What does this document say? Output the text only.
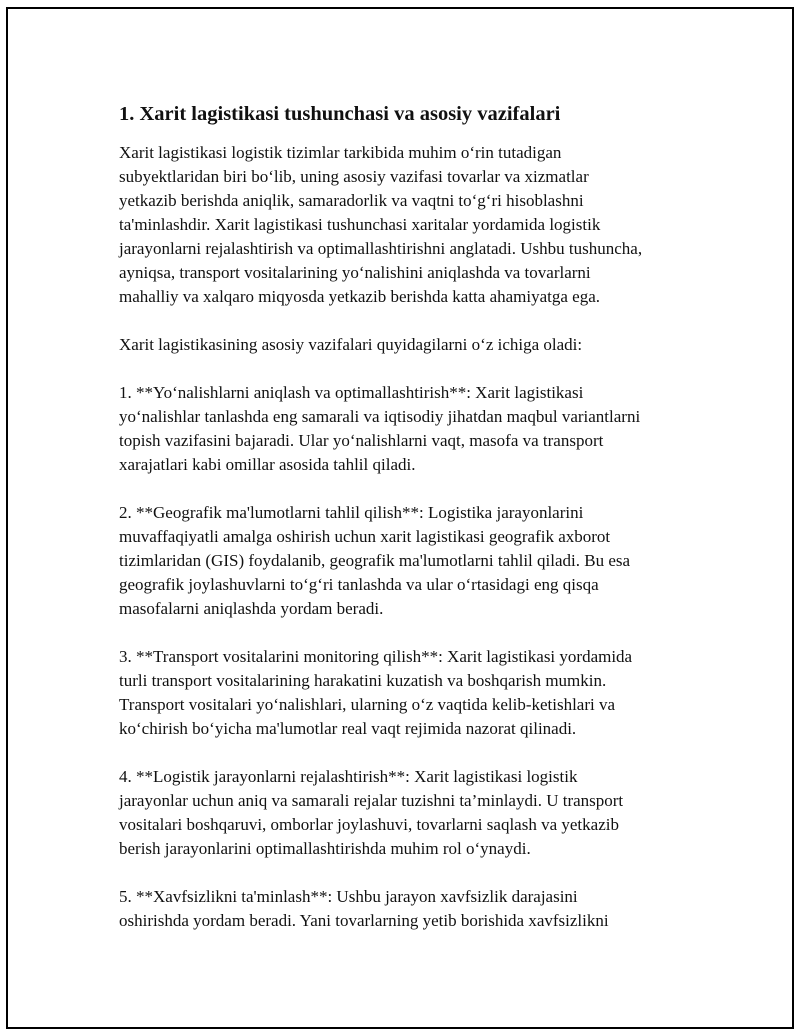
1. Xarit lagistikasi tushunchasi va asosiy vazifalari
Xarit lagistikasi logistik tizimlar tarkibida muhim o‘rin tutadigan
subyektlaridan biri bo‘lib, uning asosiy vazifasi tovarlar va xizmatlar
yetkazib berishda aniqlik, samaradorlik va vaqtni to‘g‘ri hisoblashni
ta'minlashdir. Xarit lagistikasi tushunchasi xaritalar yordamida logistik
jarayonlarni rejalashtirish va optimallashtirishni anglatadi. Ushbu tushuncha,
ayniqsa, transport vositalarining yo‘nalishini aniqlashda va tovarlarni
mahalliy va xalqaro miqyosda yetkazib berishda katta ahamiyatga ega.
Xarit lagistikasining asosiy vazifalari quyidagilarni o‘z ichiga oladi:
1. **Yo‘nalishlarni aniqlash va optimallashtirish**: Xarit lagistikasi
yo‘nalishlar tanlashda eng samarali va iqtisodiy jihatdan maqbul variantlarni
topish vazifasini bajaradi. Ular yo‘nalishlarni vaqt, masofa va transport
xarajatlari kabi omillar asosida tahlil qiladi.
2. **Geografik ma'lumotlarni tahlil qilish**: Logistika jarayonlarini
muvaffaqiyatli amalga oshirish uchun xarit lagistikasi geografik axborot
tizimlaridan (GIS) foydalanib, geografik ma'lumotlarni tahlil qiladi. Bu esa
geografik joylashuvlarni to‘g‘ri tanlashda va ular o‘rtasidagi eng qisqa
masofalarni aniqlashda yordam beradi.
3. **Transport vositalarini monitoring qilish**: Xarit lagistikasi yordamida
turli transport vositalarining harakatini kuzatish va boshqarish mumkin.
Transport vositalari yo‘nalishlari, ularning o‘z vaqtida kelib-ketishlari va
ko‘chirish bo‘yicha ma'lumotlar real vaqt rejimida nazorat qilinadi.
4. **Logistik jarayonlarni rejalashtirish**: Xarit lagistikasi logistik
jarayonlar uchun aniq va samarali rejalar tuzishni ta’minlaydi. U transport
vositalari boshqaruvi, omborlar joylashuvi, tovarlarni saqlash va yetkazib
berish jarayonlarini optimallashtirishda muhim rol o‘ynaydi.
5. **Xavfsizlikni ta'minlash**: Ushbu jarayon xavfsizlik darajasini
oshirishda yordam beradi. Yani tovarlarning yetib borishida xavfsizlikni
